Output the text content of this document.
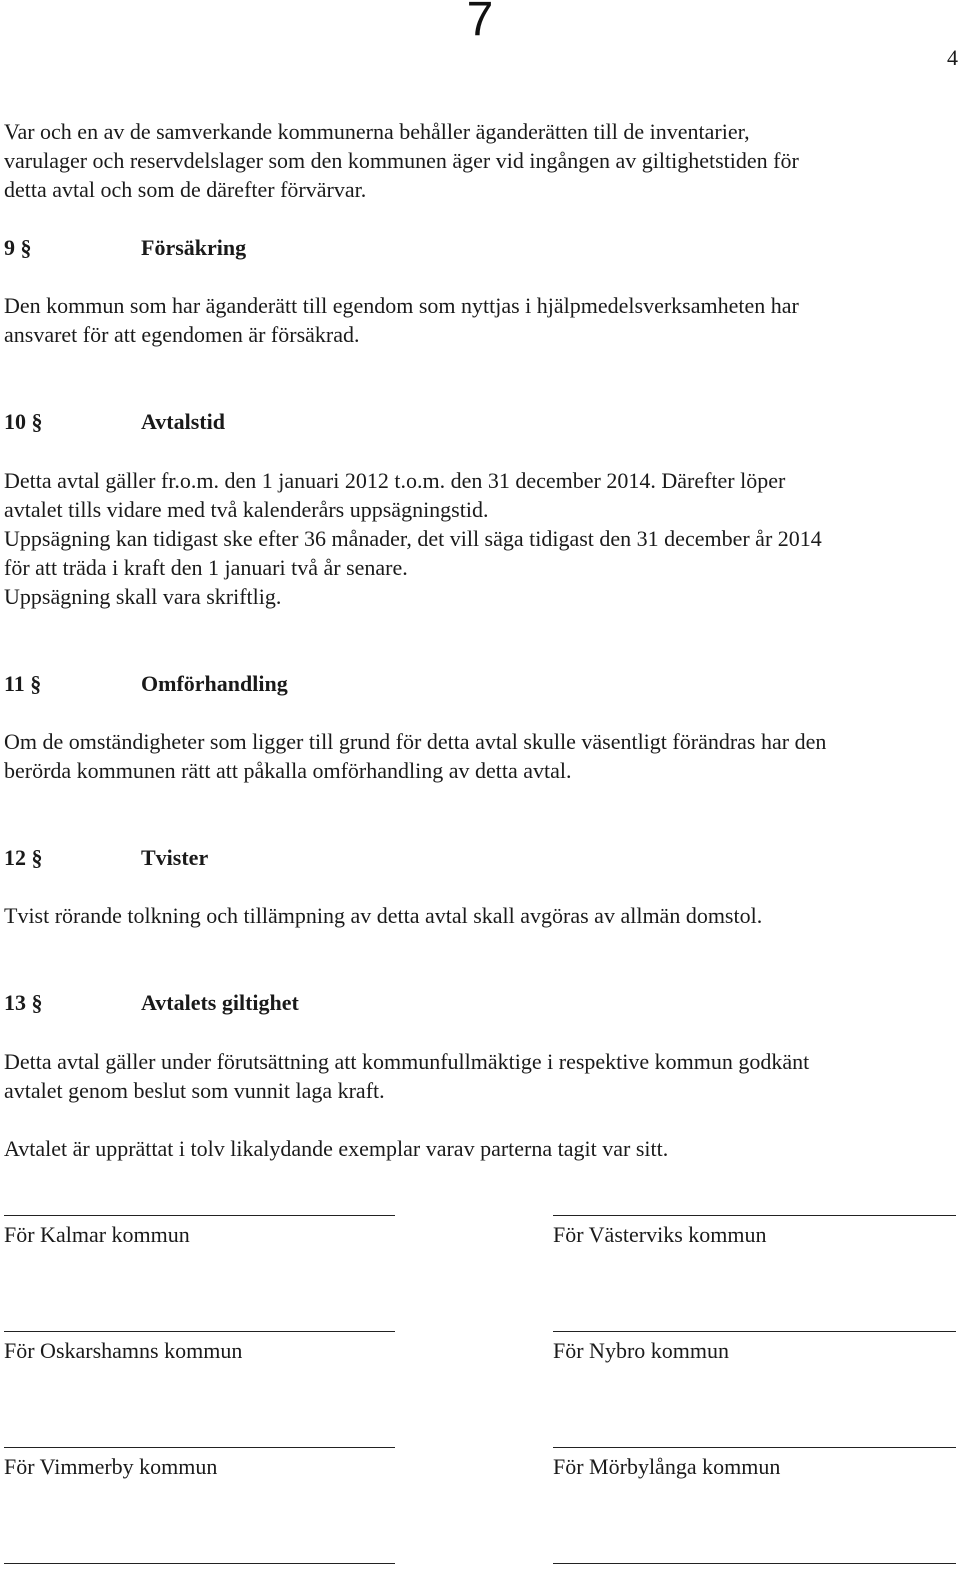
7
4
Var och en av de samverkande kommunerna behåller äganderätten till de inventarier,
varulager och reservdelslager som den kommunen äger vid ingången av giltighetstiden för
detta avtal och som de därefter förvärvar.
9 §	Försäkring
Den kommun som har äganderätt till egendom som nyttjas i hjälpmedelsverksamheten har
ansvaret för att egendomen är försäkrad.
10 §	Avtalstid
Detta avtal gäller fr.o.m. den 1 januari 2012 t.o.m. den 31 december 2014. Därefter löper
avtalet tills vidare med två kalenderårs uppsägningstid.
Uppsägning kan tidigast ske efter 36 månader, det vill säga tidigast den 31 december år 2014
för att träda i kraft den 1 januari två år senare.
Uppsägning skall vara skriftlig.
11 §	Omförhandling
Om de omständigheter som ligger till grund för detta avtal skulle väsentligt förändras har den
berörda kommunen rätt att påkalla omförhandling av detta avtal.
12 §	Tvister
Tvist rörande tolkning och tillämpning av detta avtal skall avgöras av allmän domstol.
13 §	Avtalets giltighet
Detta avtal gäller under förutsättning att kommunfullmäktige i respektive kommun godkänt
avtalet genom beslut som vunnit laga kraft.
Avtalet är upprättat i tolv likalydande exemplar varav parterna tagit var sitt.
För Kalmar kommun	För Västerviks kommun
För Oskarshamns kommun	För Nybro kommun
För Vimmerby kommun	För Mörbylånga kommun
